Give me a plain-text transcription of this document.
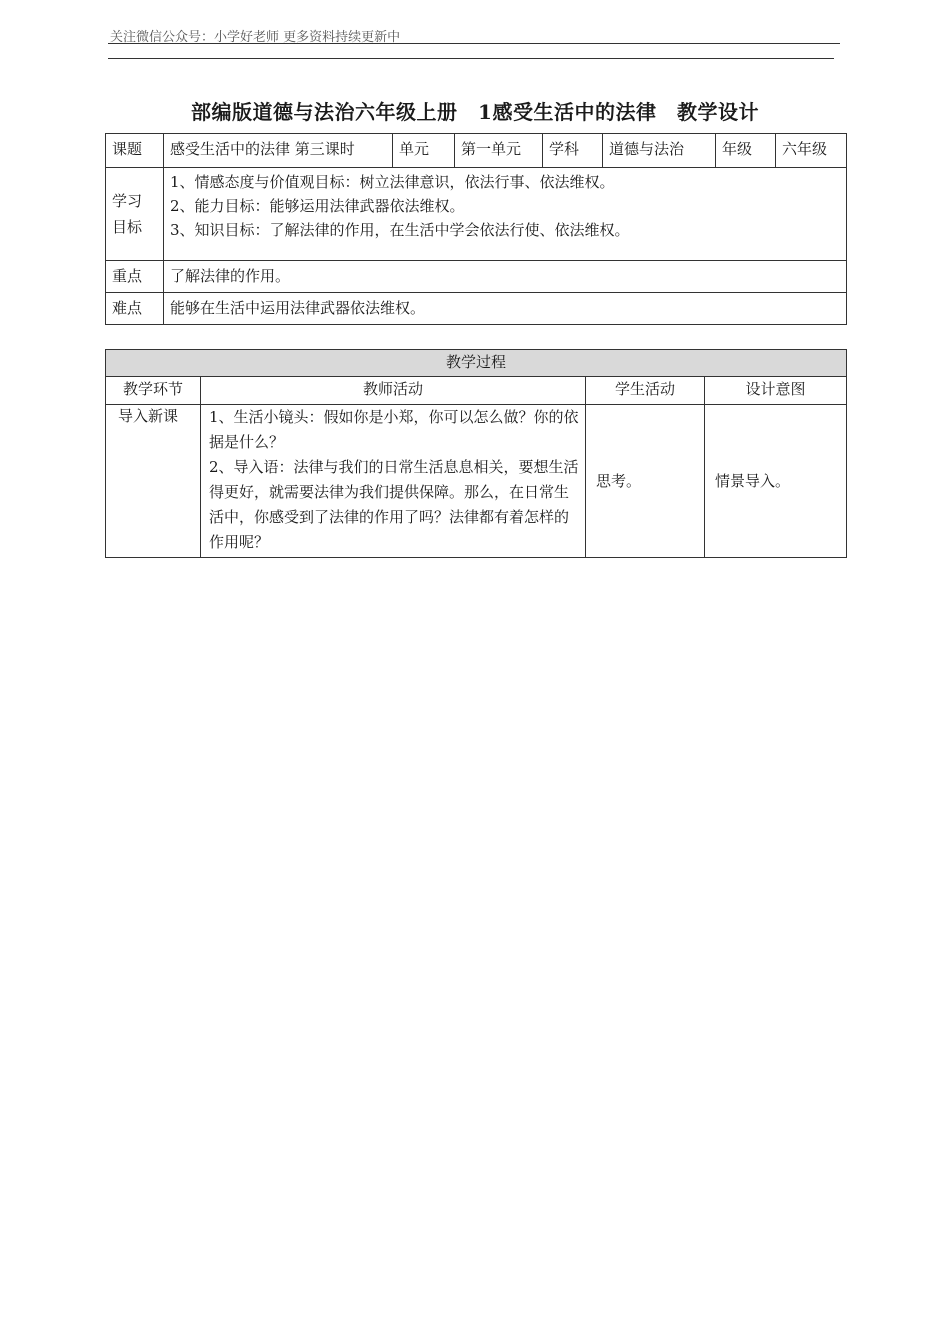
关注微信公众号：小学好老师 更多资料持续更新中
部编版道德与法治六年级上册　1感受生活中的法律　教学设计
课题	感受生活中的法律 第三课时	单元	第一单元	学科	道德与法治	年级	六年级
学习目标	1、情感态度与价值观目标：树立法律意识，依法行事、依法维权。
2、能力目标：能够运用法律武器依法维权。
3、知识目标：了解法律的作用，在生活中学会依法行使、依法维权。						

重点	了解法律的作用。						
难点	能够在生活中运用法律武器依法维权。						
教学过程			
教学环节	教师活动	学生活动	设计意图
导入新课	1、生活小镜头：假如你是小郑，你可以怎么做？你的依据是什么？
2、导入语：法律与我们的日常生活息息相关，要想生活得更好，就需要法律为我们提供保障。那么，在日常生活中，你感受到了法律的作用了吗？法律都有着怎样的作用呢？	思考。	情景导入。
